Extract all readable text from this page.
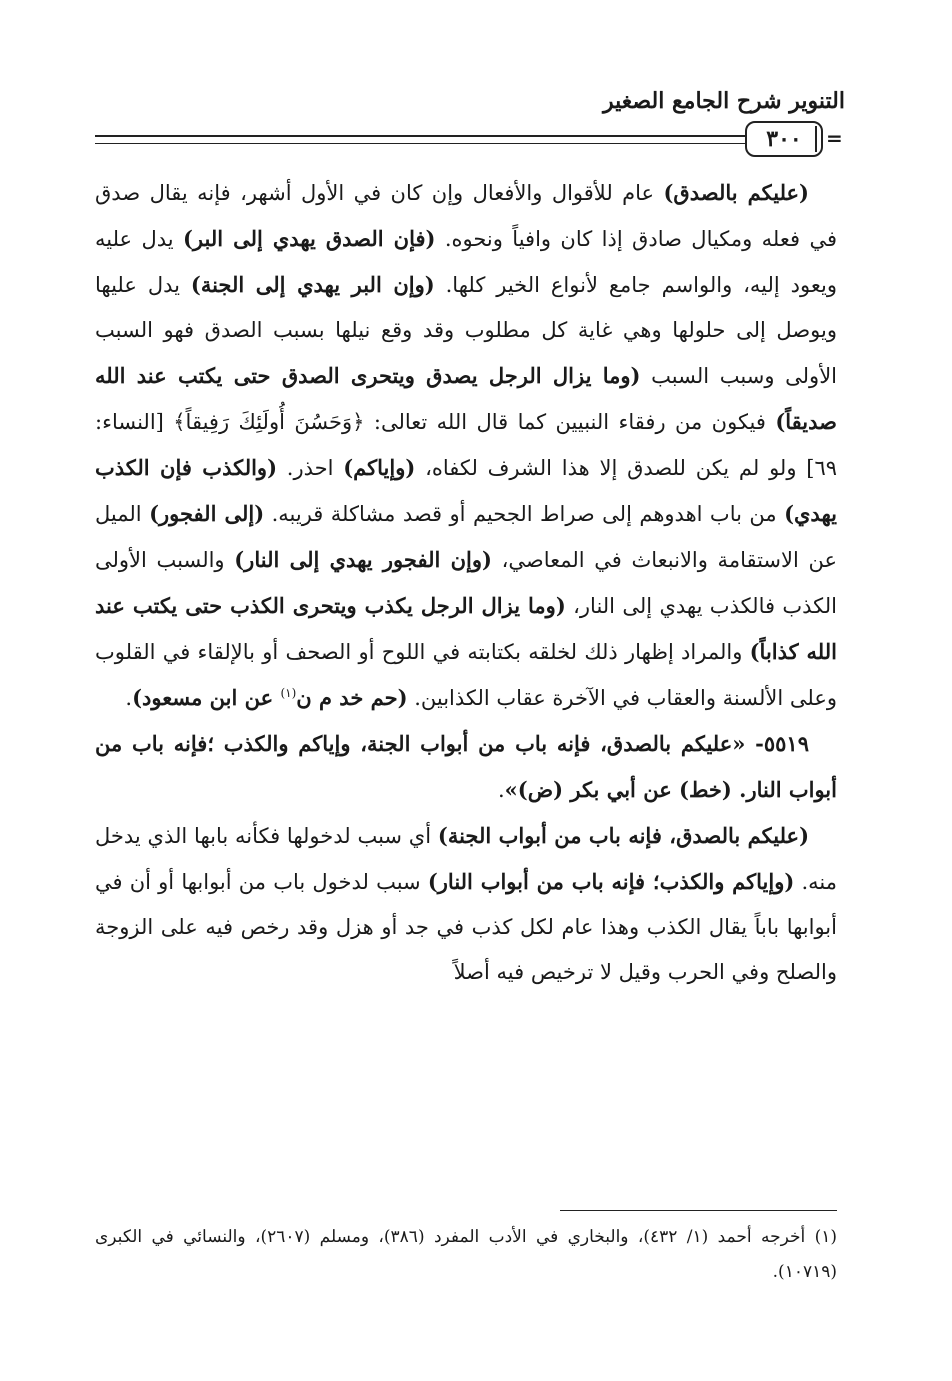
التنوير شرح الجامع الصغير
=
٣٠٠

(عليكم بالصدق) عام للأقوال والأفعال وإن كان في الأول أشهر، فإنه يقال صدق في فعله ومكيال صادق إذا كان وافياً ونحوه. (فإن الصدق يهدي إلى البر) يدل عليه ويعود إليه، والواسم جامع لأنواع الخير كلها. (وإن البر يهدي إلى الجنة) يدل عليها ويوصل إلى حلولها وهي غاية كل مطلوب وقد وقع نيلها بسبب الصدق فهو السبب الأولى وسبب السبب (وما يزال الرجل يصدق ويتحرى الصدق حتى يكتب عند الله صديقاً) فيكون من رفقاء النبيين كما قال الله تعالى: ﴿وَحَسُنَ أُولَئِكَ رَفِيقاً﴾ [النساء: ٦٩] ولو لم يكن للصدق إلا هذا الشرف لكفاه، (وإياكم) احذر. (والكذب فإن الكذب يهدي) من باب اهدوهم إلى صراط الجحيم أو قصد مشاكلة قريبه. (إلى الفجور) الميل عن الاستقامة والانبعاث في المعاصي، (وإن الفجور يهدي إلى النار) والسبب الأولى الكذب فالكذب يهدي إلى النار، (وما يزال الرجل يكذب ويتحرى الكذب حتى يكتب عند الله كذاباً) والمراد إظهار ذلك لخلقه بكتابته في اللوح أو الصحف أو بالإلقاء في القلوب وعلى الألسنة والعقاب في الآخرة عقاب الكذابين. (حم خد م ن$^{(١)}$ عن ابن مسعود).

٥٥١٩- «عليكم بالصدق، فإنه باب من أبواب الجنة، وإياكم والكذب ؛فإنه باب من أبواب النار. (خط) عن أبي بكر (ض)».

(عليكم بالصدق، فإنه باب من أبواب الجنة) أي سبب لدخولها فكأنه بابها الذي يدخل منه. (وإياكم والكذب؛ فإنه باب من أبواب النار) سبب لدخول باب من أبوابها أو أن في أبوابها باباً يقال الكذب وهذا عام لكل كذب في جد أو هزل وقد رخص فيه على الزوجة والصلح وفي الحرب وقيل لا ترخيص فيه أصلاً

(١) أخرجه أحمد (١/ ٤٣٢)، والبخاري في الأدب المفرد (٣٨٦)، ومسلم (٢٦٠٧)، والنسائي في الكبرى (١٠٧١٩).
